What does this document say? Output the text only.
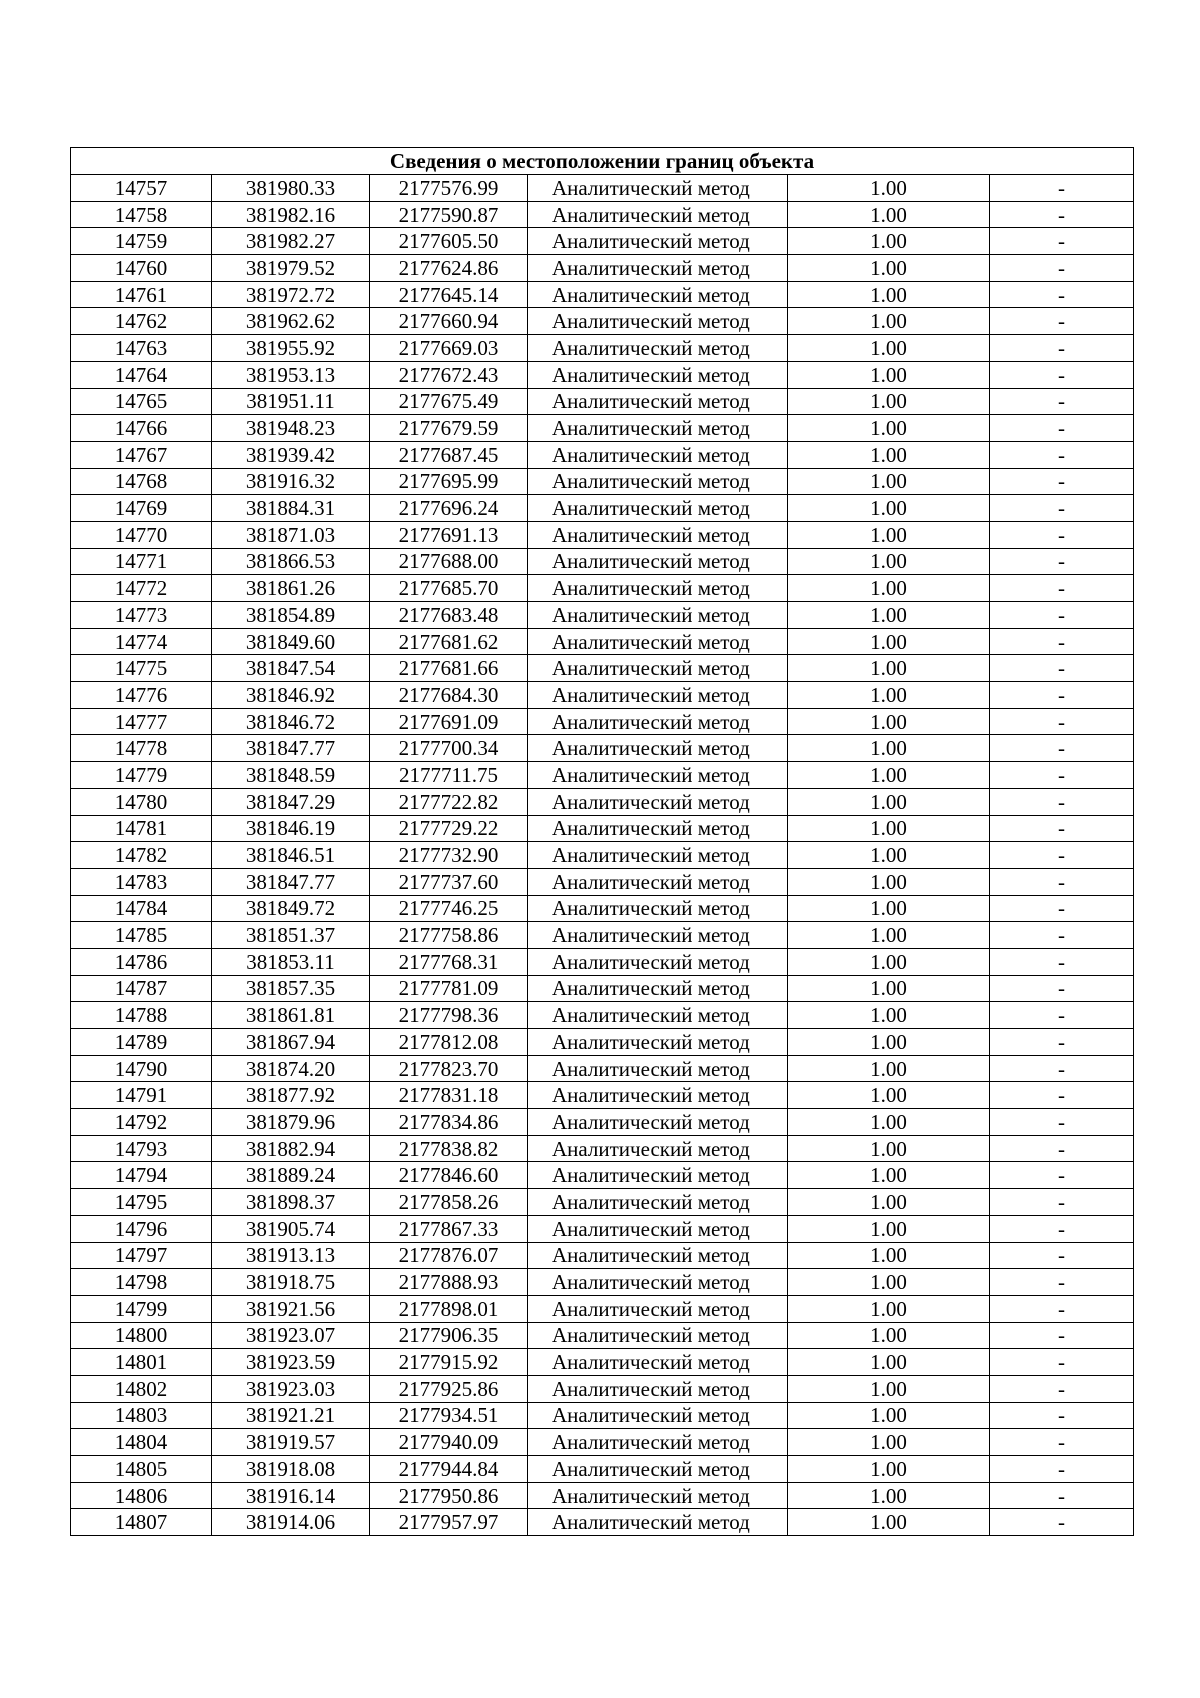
Сведения о местоположении границ объекта					
14757	381980.33	2177576.99	Аналитический метод	1.00	-
14758	381982.16	2177590.87	Аналитический метод	1.00	-
14759	381982.27	2177605.50	Аналитический метод	1.00	-
14760	381979.52	2177624.86	Аналитический метод	1.00	-
14761	381972.72	2177645.14	Аналитический метод	1.00	-
14762	381962.62	2177660.94	Аналитический метод	1.00	-
14763	381955.92	2177669.03	Аналитический метод	1.00	-
14764	381953.13	2177672.43	Аналитический метод	1.00	-
14765	381951.11	2177675.49	Аналитический метод	1.00	-
14766	381948.23	2177679.59	Аналитический метод	1.00	-
14767	381939.42	2177687.45	Аналитический метод	1.00	-
14768	381916.32	2177695.99	Аналитический метод	1.00	-
14769	381884.31	2177696.24	Аналитический метод	1.00	-
14770	381871.03	2177691.13	Аналитический метод	1.00	-
14771	381866.53	2177688.00	Аналитический метод	1.00	-
14772	381861.26	2177685.70	Аналитический метод	1.00	-
14773	381854.89	2177683.48	Аналитический метод	1.00	-
14774	381849.60	2177681.62	Аналитический метод	1.00	-
14775	381847.54	2177681.66	Аналитический метод	1.00	-
14776	381846.92	2177684.30	Аналитический метод	1.00	-
14777	381846.72	2177691.09	Аналитический метод	1.00	-
14778	381847.77	2177700.34	Аналитический метод	1.00	-
14779	381848.59	2177711.75	Аналитический метод	1.00	-
14780	381847.29	2177722.82	Аналитический метод	1.00	-
14781	381846.19	2177729.22	Аналитический метод	1.00	-
14782	381846.51	2177732.90	Аналитический метод	1.00	-
14783	381847.77	2177737.60	Аналитический метод	1.00	-
14784	381849.72	2177746.25	Аналитический метод	1.00	-
14785	381851.37	2177758.86	Аналитический метод	1.00	-
14786	381853.11	2177768.31	Аналитический метод	1.00	-
14787	381857.35	2177781.09	Аналитический метод	1.00	-
14788	381861.81	2177798.36	Аналитический метод	1.00	-
14789	381867.94	2177812.08	Аналитический метод	1.00	-
14790	381874.20	2177823.70	Аналитический метод	1.00	-
14791	381877.92	2177831.18	Аналитический метод	1.00	-
14792	381879.96	2177834.86	Аналитический метод	1.00	-
14793	381882.94	2177838.82	Аналитический метод	1.00	-
14794	381889.24	2177846.60	Аналитический метод	1.00	-
14795	381898.37	2177858.26	Аналитический метод	1.00	-
14796	381905.74	2177867.33	Аналитический метод	1.00	-
14797	381913.13	2177876.07	Аналитический метод	1.00	-
14798	381918.75	2177888.93	Аналитический метод	1.00	-
14799	381921.56	2177898.01	Аналитический метод	1.00	-
14800	381923.07	2177906.35	Аналитический метод	1.00	-
14801	381923.59	2177915.92	Аналитический метод	1.00	-
14802	381923.03	2177925.86	Аналитический метод	1.00	-
14803	381921.21	2177934.51	Аналитический метод	1.00	-
14804	381919.57	2177940.09	Аналитический метод	1.00	-
14805	381918.08	2177944.84	Аналитический метод	1.00	-
14806	381916.14	2177950.86	Аналитический метод	1.00	-
14807	381914.06	2177957.97	Аналитический метод	1.00	-
